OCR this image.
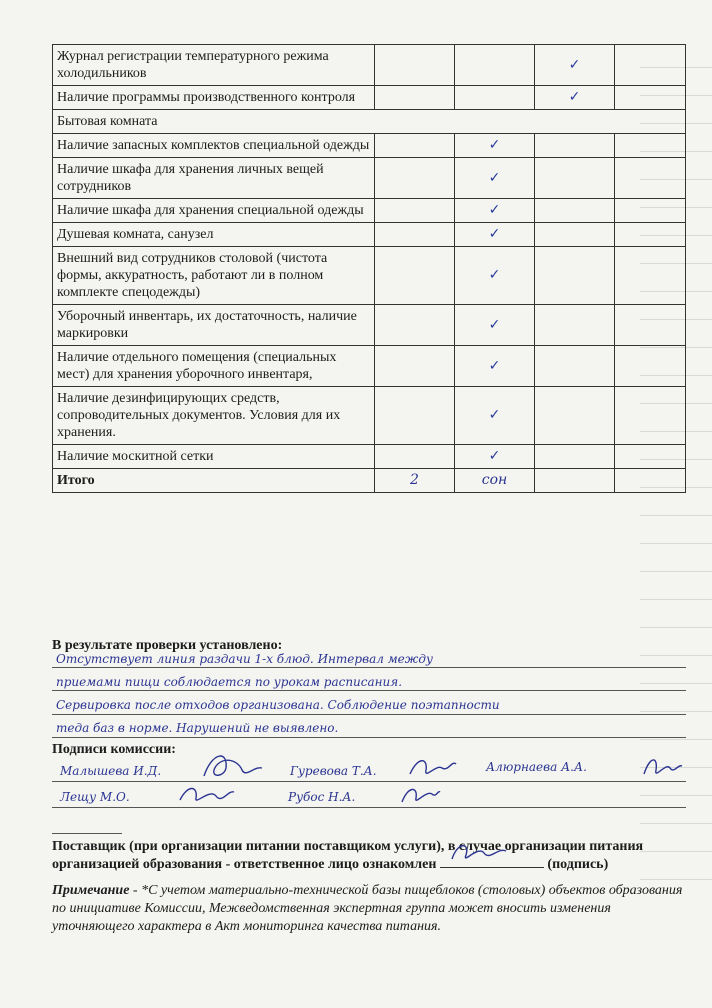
Журнал регистрации температурного режима холодильников			✓	
Наличие программы производственного контроля			✓	
Бытовая комната				
Наличие запасных комплектов специальной одежды		✓		
Наличие шкафа для хранения личных вещей сотрудников		✓		
Наличие шкафа для хранения специальной одежды		✓		
Душевая комната, санузел		✓		
Внешний вид сотрудников столовой (чистота формы, аккуратность, работают ли в полном комплекте спецодежды)		✓		
Уборочный инвентарь, их достаточность, наличие маркировки		✓		
Наличие отдельного помещения (специальных мест) для хранения уборочного инвентаря,		✓		
Наличие дезинфицирующих средств, сопроводительных документов. Условия для их хранения.		✓		
Наличие москитной сетки		✓		
Итого	2	сон		
В результате проверки установлено:
Отсутствует линия раздачи 1-х блюд. Интервал между
приемами пищи соблюдается по урокам расписания.
Сервировка после отходов организована. Соблюдение поэтапности
теда баз в норме. Нарушений не выявлено.
Подписи комиссии:
Малышева И.Д.	Гуревова Т.А.	Алюрнаева А.А.
Лещу М.О.	Рубос Н.А.
Поставщик (при организации питании поставщиком услуги), в случае организации питания организацией образования - ответственное лицо ознакомлен	(подпись)
Примечание - *С учетом материально-технической базы пищеблоков (столовых) объектов образования по инициативе Комиссии, Межведомственная экспертная группа может вносить изменения уточняющего характера в Акт мониторинга качества питания.
